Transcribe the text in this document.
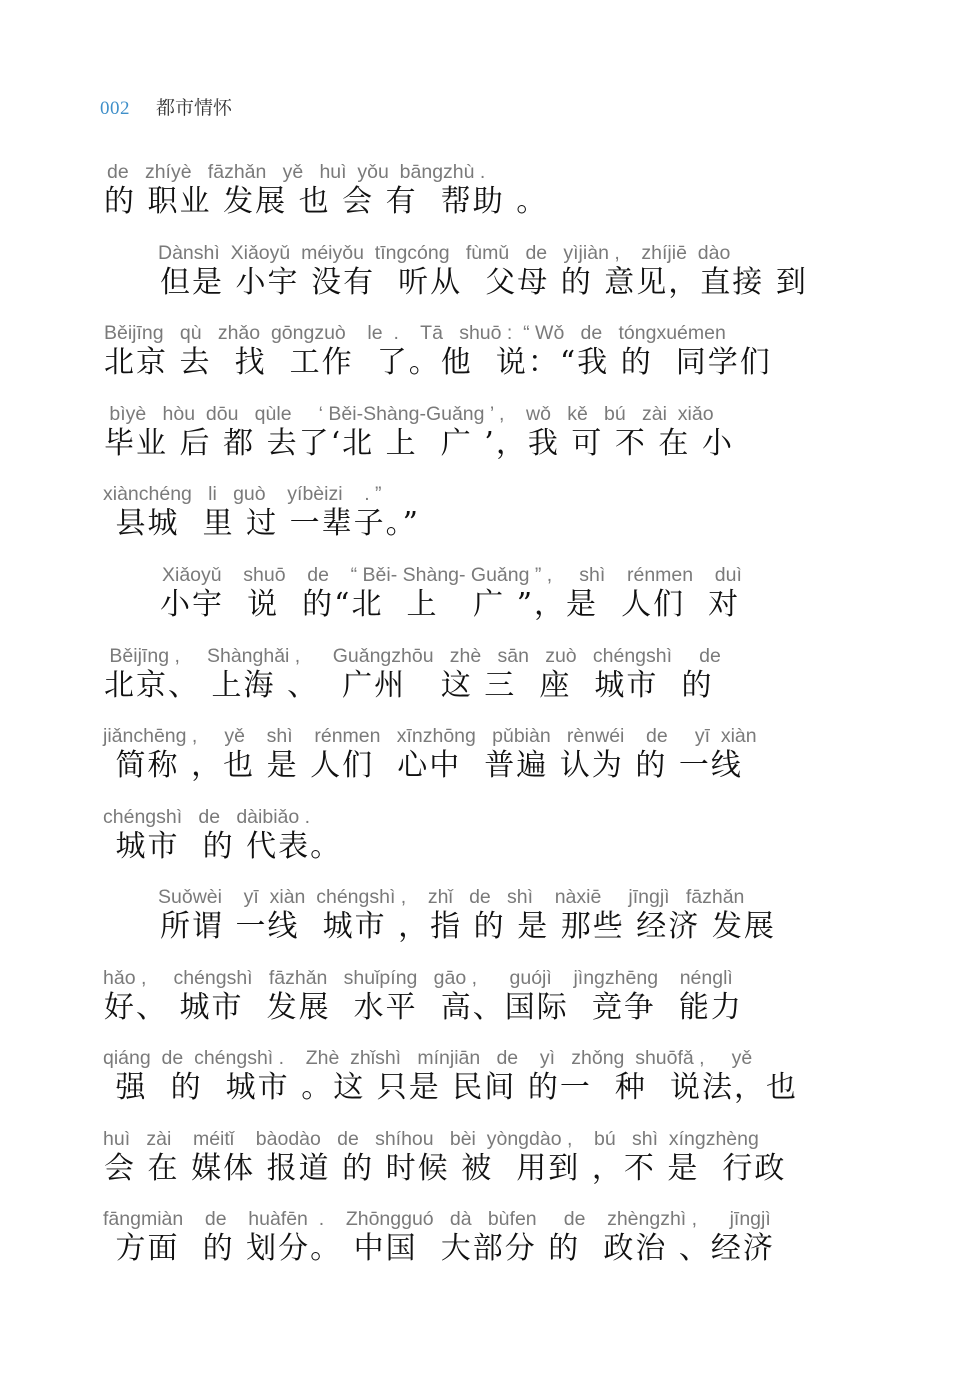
002 都市情怀
de   zhíyè   fāzhǎn   yě   huì  yǒu  bāngzhù .
的 职业 发展 也 会 有  帮助 。
Dànshì  Xiǎoyǔ  méiyǒu  tīngcóng   fùmǔ   de   yìjiàn ,    zhíjiē  dào
但是 小宇 没有  听从  父母 的 意见，直接 到
Běijīng   qù   zhǎo  gōngzuò    le  .    Tā   shuō :  “ Wǒ   de   tóngxuémen
北京 去  找  工作  了。他  说：“我 的  同学们
bìyè   hòu  dōu   qùle     ‘ Běi-Shàng-Guǎng ’ ,    wǒ   kě   bú   zài  xiǎo
毕业 后 都 去了‘北 上  广 ’，我 可 不 在 小
xiànchéng   li   guò    yíbèizi    . ”
县城  里 过 一辈子。”
Xiǎoyǔ    shuō    de    “ Běi- Shàng- Guǎng ” ,     shì    rénmen    duì
小宇  说  的“北  上   广 ”，是  人们  对
Běijīng ,     Shànghǎi ,      Guǎngzhōu   zhè   sān   zuò   chéngshì     de
北京、 上海 、  广州   这 三  座  城市  的
jiǎnchēng ,     yě    shì    rénmen   xīnzhōng   pǔbiàn   rènwéi    de     yī  xiàn
简称 ，也 是 人们  心中  普遍 认为 的 一线
chéngshì   de   dàibiǎo .
城市  的 代表。
Suǒwèi    yī  xiàn  chéngshì ,    zhǐ   de   shì    nàxiē     jīngjì   fāzhǎn
所谓 一线  城市 ，指 的 是 那些 经济 发展
hǎo ,     chéngshì   fāzhǎn   shuǐpíng   gāo ,      guójì    jìngzhēng    nénglì
好、 城市  发展  水平  高、国际  竞争  能力
qiáng  de  chéngshì .    Zhè  zhǐshì   mínjiān   de    yì   zhǒng  shuōfǎ ,     yě
强  的  城市 。这 只是 民间 的一  种  说法，也
huì   zài    méitǐ    bàodào   de   shíhou   bèi  yòngdào ,    bú   shì  xíngzhèng
会 在 媒体 报道 的 时候 被  用到 ，不 是  行政
fāngmiàn    de    huàfēn  .    Zhōngguó   dà   bùfen     de    zhèngzhì ,      jīngjì
方面  的 划分。 中国  大部分 的  政治 、经济
